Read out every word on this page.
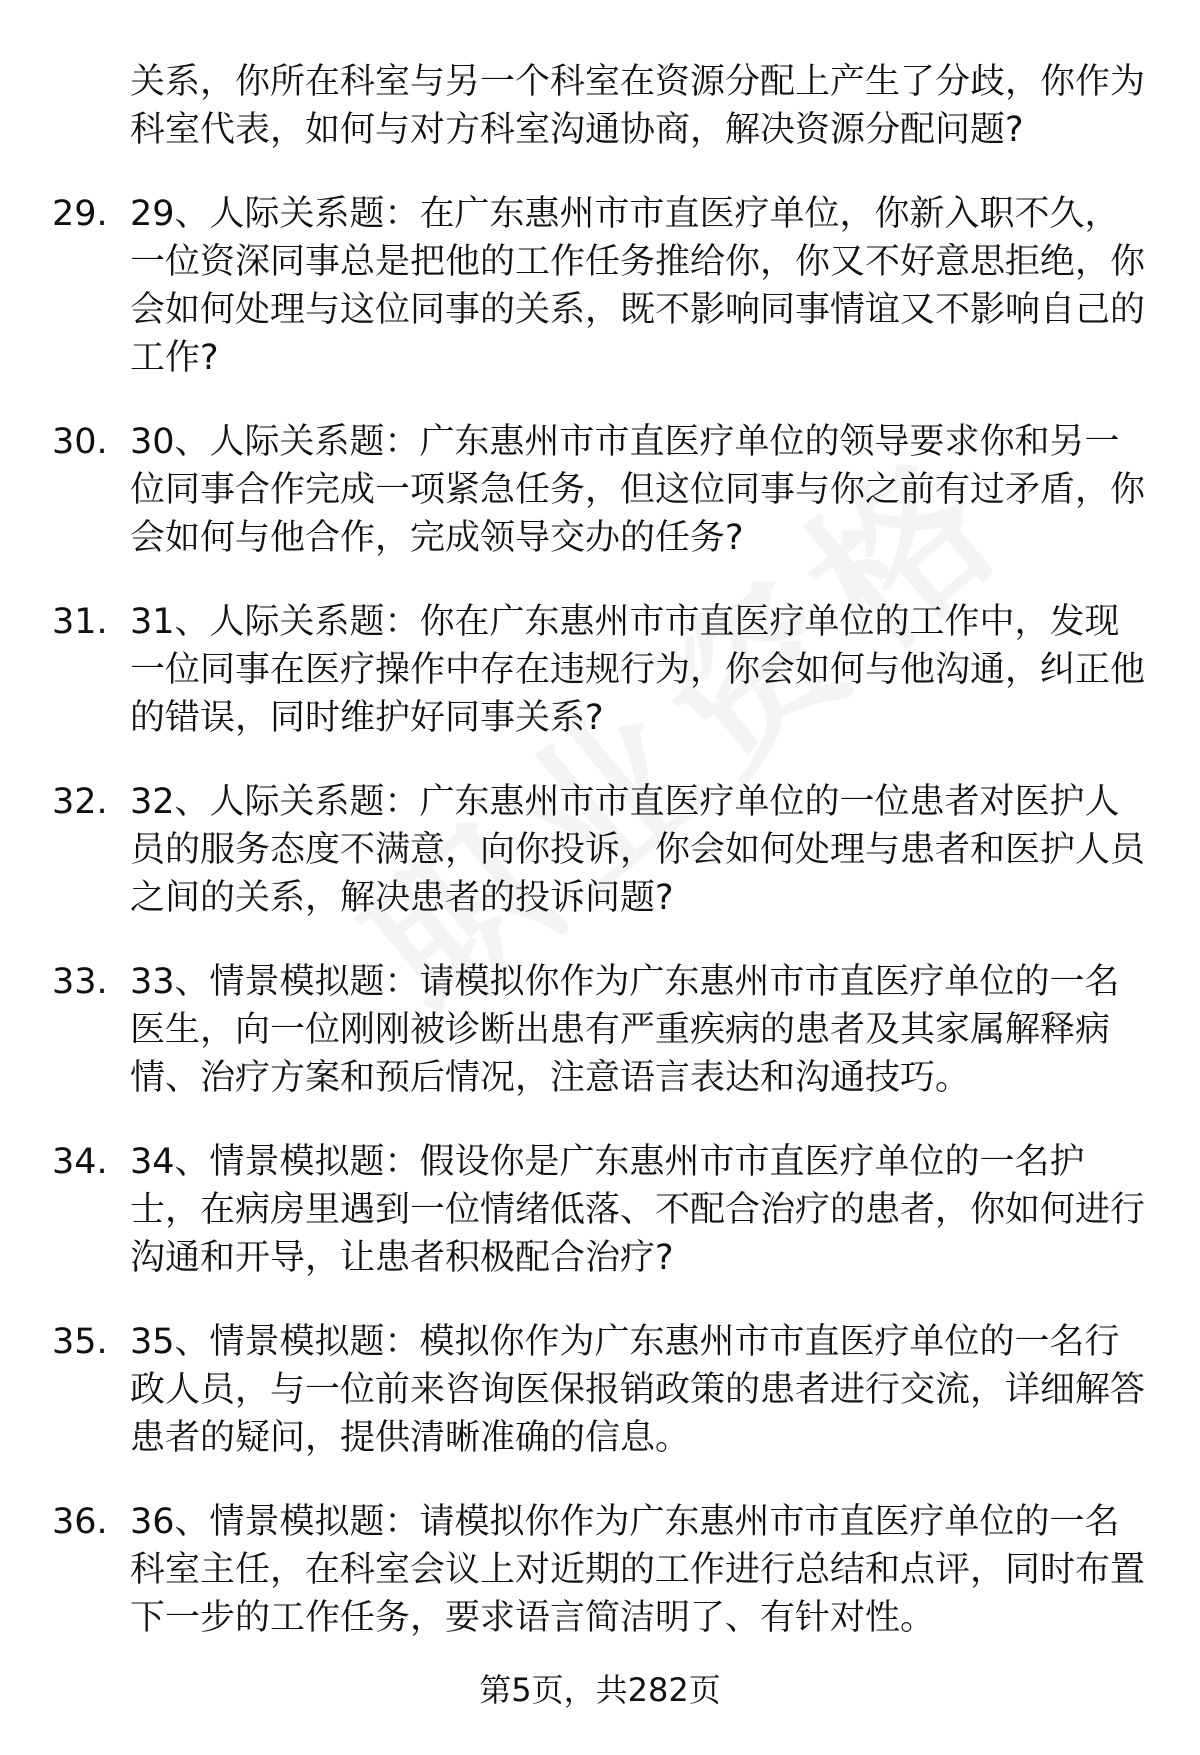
关系，你所在科室与另一个科室在资源分配上产生了分歧，你作为科室代表，如何与对方科室沟通协商，解决资源分配问题?
29. 29、人际关系题：在广东惠州市市直医疗单位，你新入职不久，一位资深同事总是把他的工作任务推给你，你又不好意思拒绝，你会如何处理与这位同事的关系，既不影响同事情谊又不影响自己的工作?
30. 30、人际关系题：广东惠州市市直医疗单位的领导要求你和另一位同事合作完成一项紧急任务，但这位同事与你之前有过矛盾，你会如何与他合作，完成领导交办的任务?
31. 31、人际关系题：你在广东惠州市市直医疗单位的工作中，发现一位同事在医疗操作中存在违规行为，你会如何与他沟通，纠正他的错误，同时维护好同事关系?
32. 32、人际关系题：广东惠州市市直医疗单位的一位患者对医护人员的服务态度不满意，向你投诉，你会如何处理与患者和医护人员之间的关系，解决患者的投诉问题?
33. 33、情景模拟题：请模拟你作为广东惠州市市直医疗单位的一名医生，向一位刚刚被诊断出患有严重疾病的患者及其家属解释病情、治疗方案和预后情况，注意语言表达和沟通技巧。
34. 34、情景模拟题：假设你是广东惠州市市直医疗单位的一名护士，在病房里遇到一位情绪低落、不配合治疗的患者，你如何进行沟通和开导，让患者积极配合治疗?
35. 35、情景模拟题：模拟你作为广东惠州市市直医疗单位的一名行政人员，与一位前来咨询医保报销政策的患者进行交流，详细解答患者的疑问，提供清晰准确的信息。
36. 36、情景模拟题：请模拟你作为广东惠州市市直医疗单位的一名科室主任，在科室会议上对近期的工作进行总结和点评，同时布置下一步的工作任务，要求语言简洁明了、有针对性。
第5页，共282页
